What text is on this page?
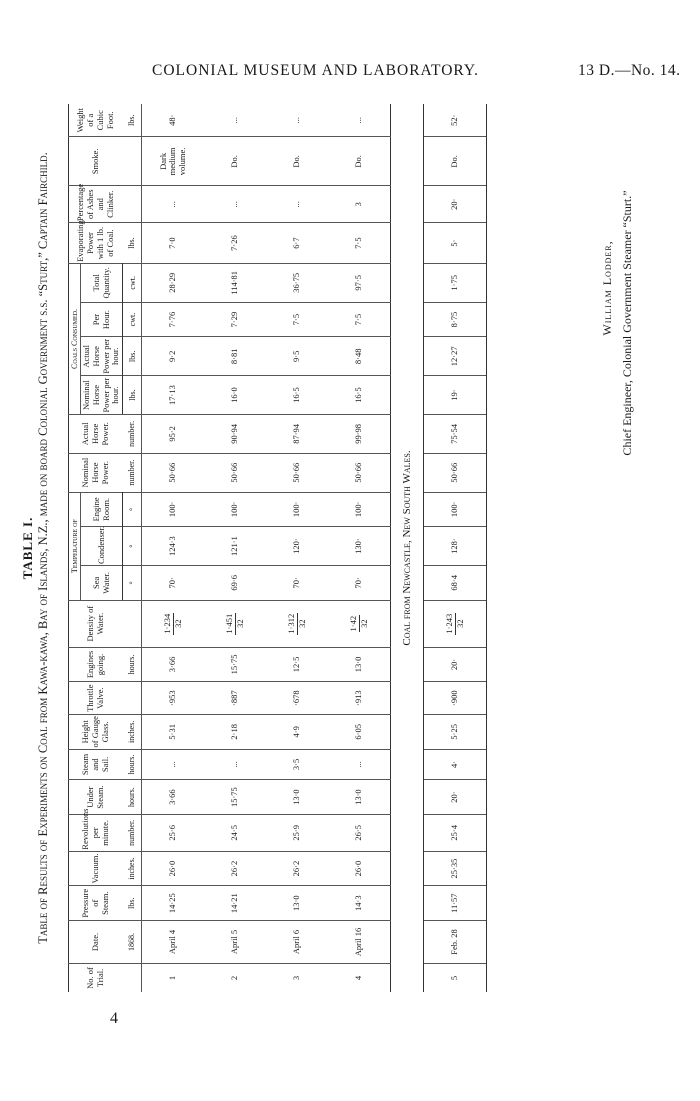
COLONIAL MUSEUM AND LABORATORY.	13 D.—No. 14.
TABLE I. Table of Results of Experiments on Coal from Kawa-kawa, Bay of Islands, N.Z., made on board Colonial Government s.s. “Sturt,” Captain Fairchild.
No. of Trial.	Date.	Pressure of Steam.	Vacuum.	Revolutions per minute.	Under Steam.	Steam and Sail.	Height of Gauge Glass.	Throttle Valve.	Engines going.	Density of Water.	Temperature of			Nominal Horse Power.	Actual Horse Power.	Coals Consumed.				Evaporating Power with 1 lb. of Coal.	Percentage of Ashes and Clinker.	Smoke.	Weight of a Cubic Foot.
											Sea Water.	Condenser.	Engine Room.			Nominal Horse Power per hour.	Actual Horse Power per hour.	Per Hour.	Total Quantity.				
	1868.	lbs.	inches.	number.	hours.	hours.	inches.		hours.		°	°	°	number.	number.	lbs.	lbs.	cwt.	cwt.	lbs.			lbs.
1	April 4	14·25	26·0	25·6	3·66	...	5·31	·953	3·66	1·234 32	70·	124·3	100·	50·66	95·2	17·13	9·2	7·76	28·29	7·0	...	Dark medium volume.	48·
2	April 5	14·21	26·2	24·5	15·75	...	2·18	·887	15·75	1·451 32	69·6	121·1	100·	50·66	90·94	16·0	8·81	7·29	114·81	7·26	...	Do.	...
3	April 6	13·0	26·2	25·9	13·0	3·5	4·9	·678	12·5	1·312 32	70·	120·	100·	50·66	87·94	16·5	9·5	7·5	36·75	6·7	...	Do.	...
4	April 16	14·3	26·0	26·5	13·0	...	6·05	·913	13·0	1·42 32	70·	130·	100·	50·66	99·98	16·5	8·48	7·5	97·5	7·5	3	Do.	...
Coal from Newcastle, New South Wales.																							
5	Feb. 28	11·57	25·35	25·4	20·	4·	5·25	·900	20·	1·243 32	68·4	128·	100·	50·66	75·54	19·	12·27	8·75	1·75	5·	20·	Do.	52·
William Lodder, Chief Engineer, Colonial Government Steamer “Sturt.”
4
